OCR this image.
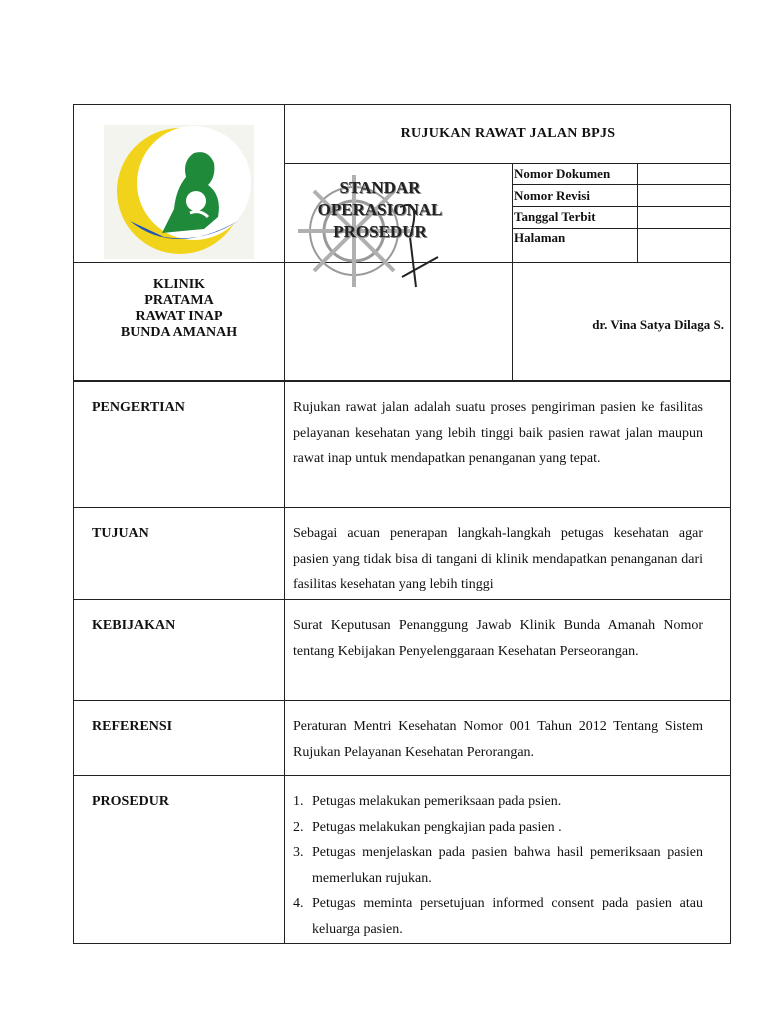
RUJUKAN RAWAT JALAN BPJS
STANDAR
OPERASIONAL
PROSEDUR
Nomor Dokumen
Nomor Revisi
Tanggal Terbit
Halaman
KLINIK
PRATAMA
RAWAT INAP
BUNDA AMANAH
dr. Vina Satya Dilaga S.
PENGERTIAN	Rujukan rawat jalan adalah suatu proses pengiriman pasien ke fasilitas pelayanan kesehatan yang lebih tinggi baik pasien rawat jalan maupun rawat inap untuk mendapatkan penanganan yang tepat.
TUJUAN	Sebagai acuan penerapan langkah-langkah petugas kesehatan agar pasien yang tidak bisa di tangani di klinik mendapatkan penanganan dari fasilitas kesehatan yang lebih tinggi
KEBIJAKAN	Surat Keputusan Penanggung Jawab Klinik Bunda Amanah Nomor tentang Kebijakan Penyelenggaraan Kesehatan Perseorangan.
REFERENSI	Peraturan Mentri Kesehatan Nomor 001 Tahun 2012 Tentang Sistem Rujukan Pelayanan Kesehatan Perorangan.
PROSEDUR	1. Petugas melakukan pemeriksaan pada psien.
2. Petugas melakukan pengkajian pada pasien .
3. Petugas menjelaskan pada pasien bahwa hasil pemeriksaan pasien memerlukan rujukan.
4. Petugas meminta persetujuan informed consent pada pasien atau keluarga pasien.
